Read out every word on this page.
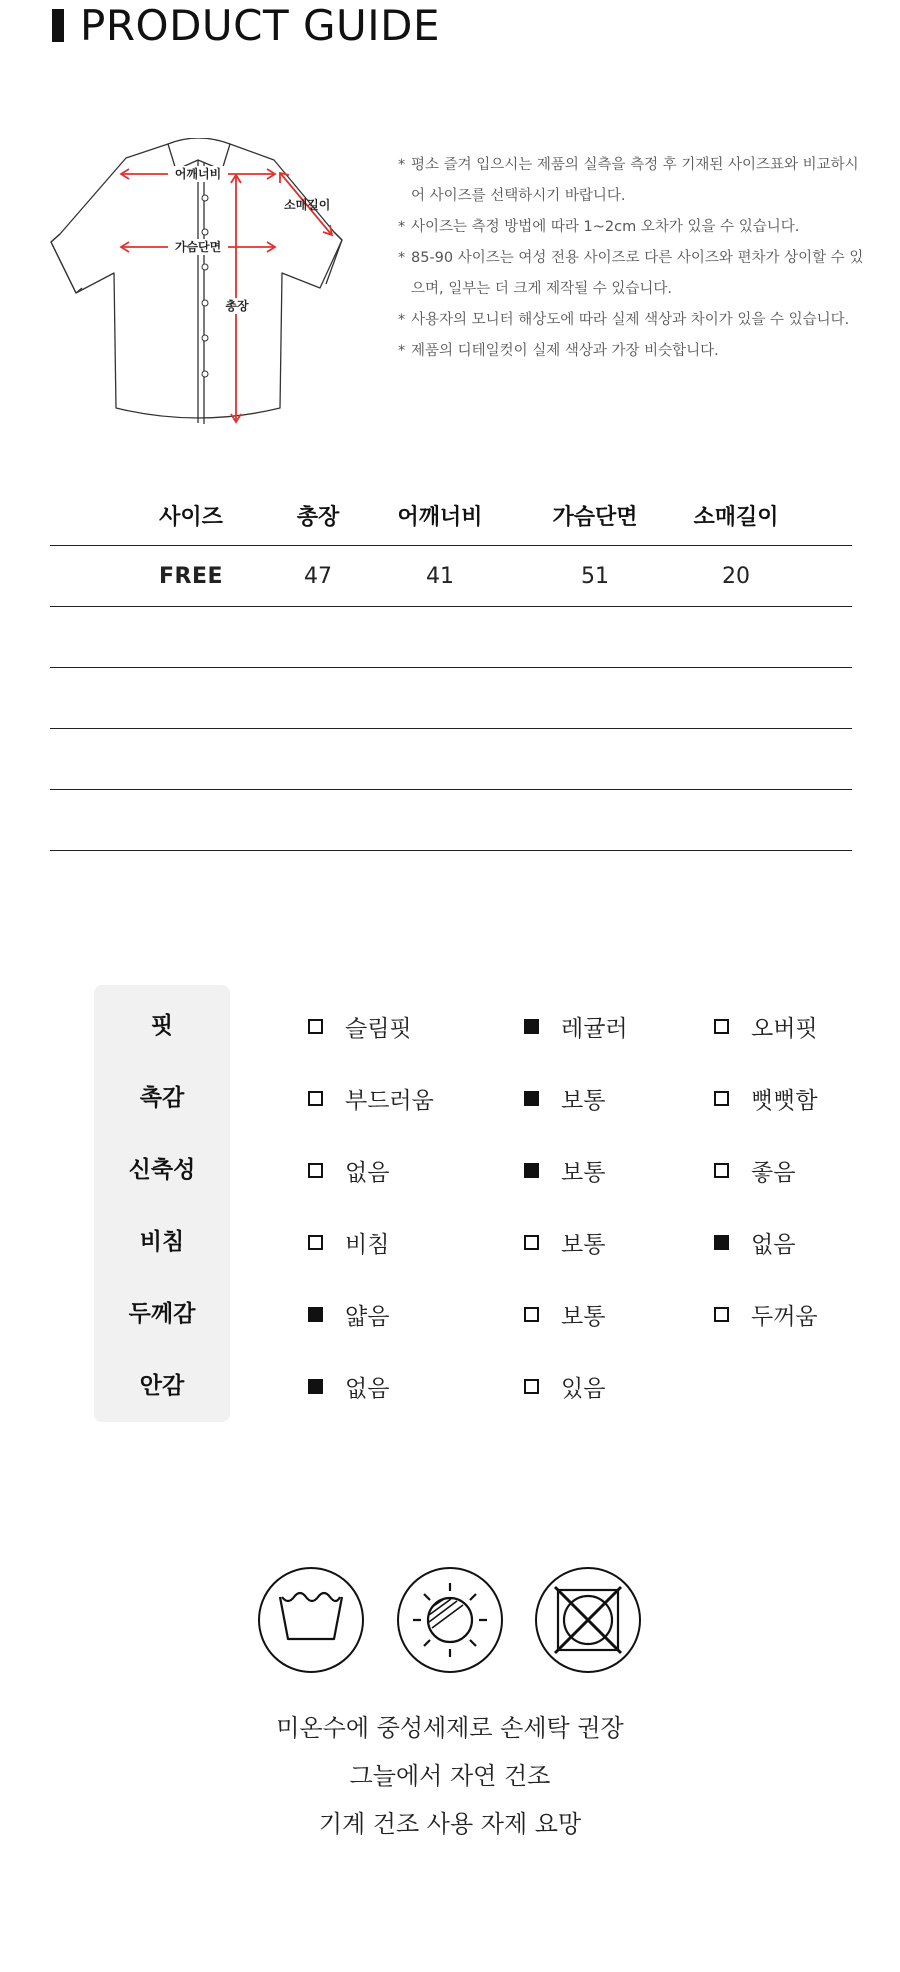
PRODUCT GUIDE
어깨너비
가슴단면
총장
소매길이
* 평소 즐겨 입으시는 제품의 실측을 측정 후 기재된 사이즈표와 비교하시어 사이즈를 선택하시기 바랍니다.
* 사이즈는 측정 방법에 따라 1~2cm 오차가 있을 수 있습니다.
* 85-90 사이즈는 여성 전용 사이즈로 다른 사이즈와 편차가 상이할 수 있으며, 일부는 더 크게 제작될 수 있습니다.
* 사용자의 모니터 해상도에 따라 실제 색상과 차이가 있을 수 있습니다.
* 제품의 디테일컷이 실제 색상과 가장 비슷합니다.
사이즈	총장	어깨너비	가슴단면	소매길이
FREE	47	41	51	20
핏	슬림핏	레귤러	오버핏
촉감	부드러움	보통	뻣뻣함
신축성	없음	보통	좋음
비침	비침	보통	없음
두께감	얇음	보통	두꺼움
안감	없음	있음
미온수에 중성세제로 손세탁 권장
그늘에서 자연 건조
기계 건조 사용 자제 요망
